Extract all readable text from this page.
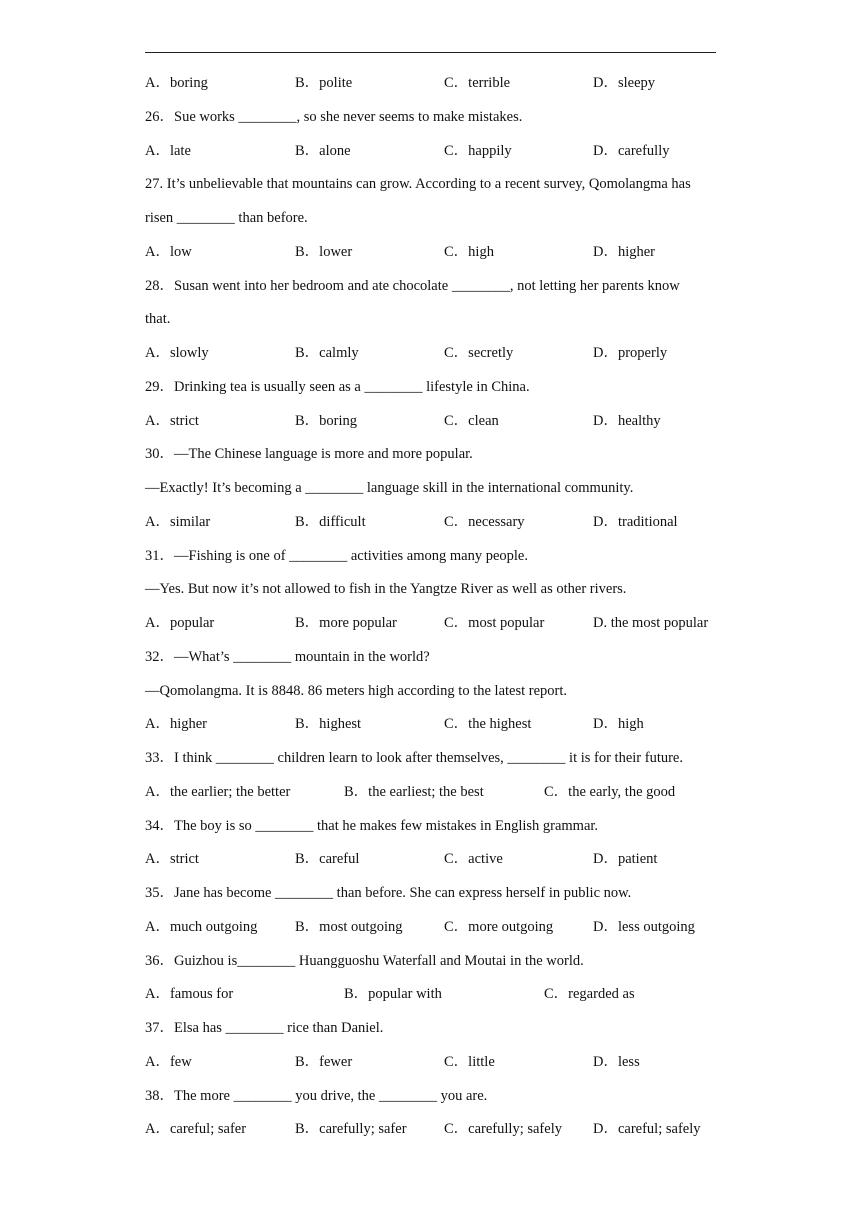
A．boring	B．polite	C．terrible	D．sleepy
26．Sue works ________, so she never seems to make mistakes.
A．late	B．alone	C．happily	D．carefully
27. It’s unbelievable that mountains can grow. According to a recent survey, Qomolangma has
risen ________ than before.
A．low	B．lower	C．high	D．higher
28．Susan went into her bedroom and ate chocolate ________, not letting her parents know
that.
A．slowly	B．calmly	C．secretly	D．properly
29．Drinking tea is usually seen as a ________ lifestyle in China.
A．strict	B．boring	C．clean	D．healthy
30．—The Chinese language is more and more popular.
—Exactly! It’s becoming a ________ language skill in the international community.
A．similar	B．difficult	C．necessary	D．traditional
31．—Fishing is one of ________ activities among many people.
—Yes. But now it’s not allowed to fish in the Yangtze River as well as other rivers.
A．popular	B．more popular	C．most popular	D. the most popular
32．—What’s ________ mountain in the world?
—Qomolangma. It is 8848. 86 meters high according to the latest report.
A．higher	B．highest	C．the highest	D．high
33．I think ________ children learn to look after themselves, ________ it is for their future.
A．the earlier; the better	B．the earliest; the best	C．the early, the good
34．The boy is so ________ that he makes few mistakes in English grammar.
A．strict	B．careful	C．active	D．patient
35．Jane has become ________ than before. She can express herself in public now.
A．much outgoing	B．most outgoing	C．more outgoing	D．less outgoing
36．Guizhou is________ Huangguoshu Waterfall and Moutai in the world.
A．famous for	B．popular with	C．regarded as
37．Elsa has ________ rice than Daniel.
A．few	B．fewer	C．little	D．less
38．The more ________ you drive, the ________ you are.
A．careful; safer	B．carefully; safer	C．carefully; safely D．careful; safely
